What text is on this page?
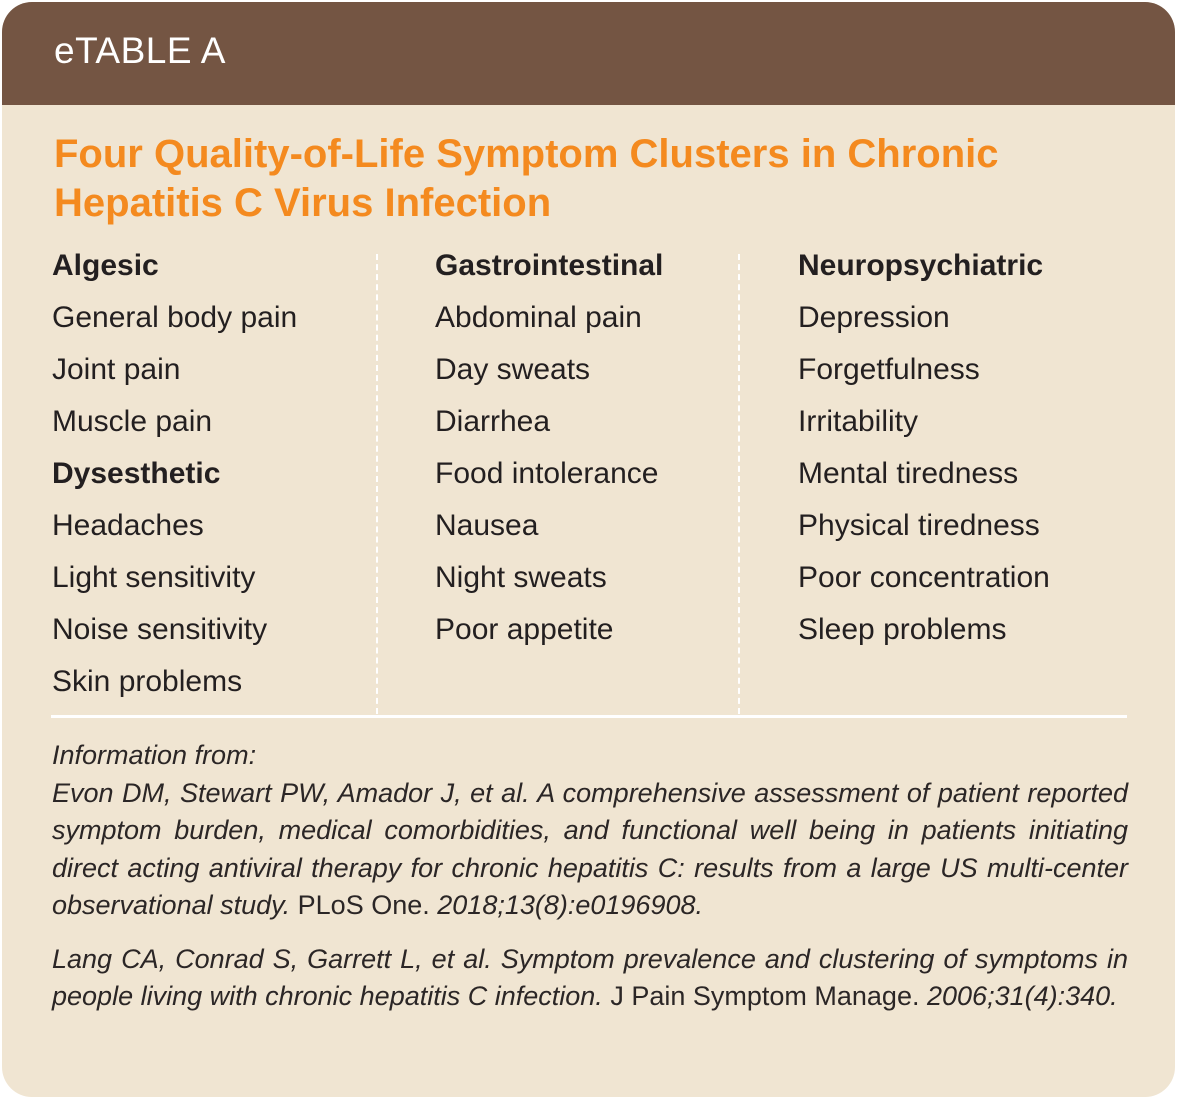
eTABLE A
Four Quality-of-Life Symptom Clusters in Chronic
Hepatitis C Virus Infection
Algesic
General body pain
Joint pain
Muscle pain
Dysesthetic
Headaches
Light sensitivity
Noise sensitivity
Skin problems
Gastrointestinal
Abdominal pain
Day sweats
Diarrhea
Food intolerance
Nausea
Night sweats
Poor appetite
Neuropsychiatric
Depression
Forgetfulness
Irritability
Mental tiredness
Physical tiredness
Poor concentration
Sleep problems

Information from:

Evon DM, Stewart PW, Amador J, et al. A comprehensive assessment of patient reported symptom burden, medical comorbidities, and functional well being in patients initiating direct acting antiviral therapy for chronic hepatitis C: results from a large US multi-center observational study. PLoS One. 2018;13(8):e0196908.

Lang CA, Conrad S, Garrett L, et al. Symptom prevalence and clustering of symptoms in people living with chronic hepatitis C infection. J Pain Symptom Manage. 2006;31(4):340.
